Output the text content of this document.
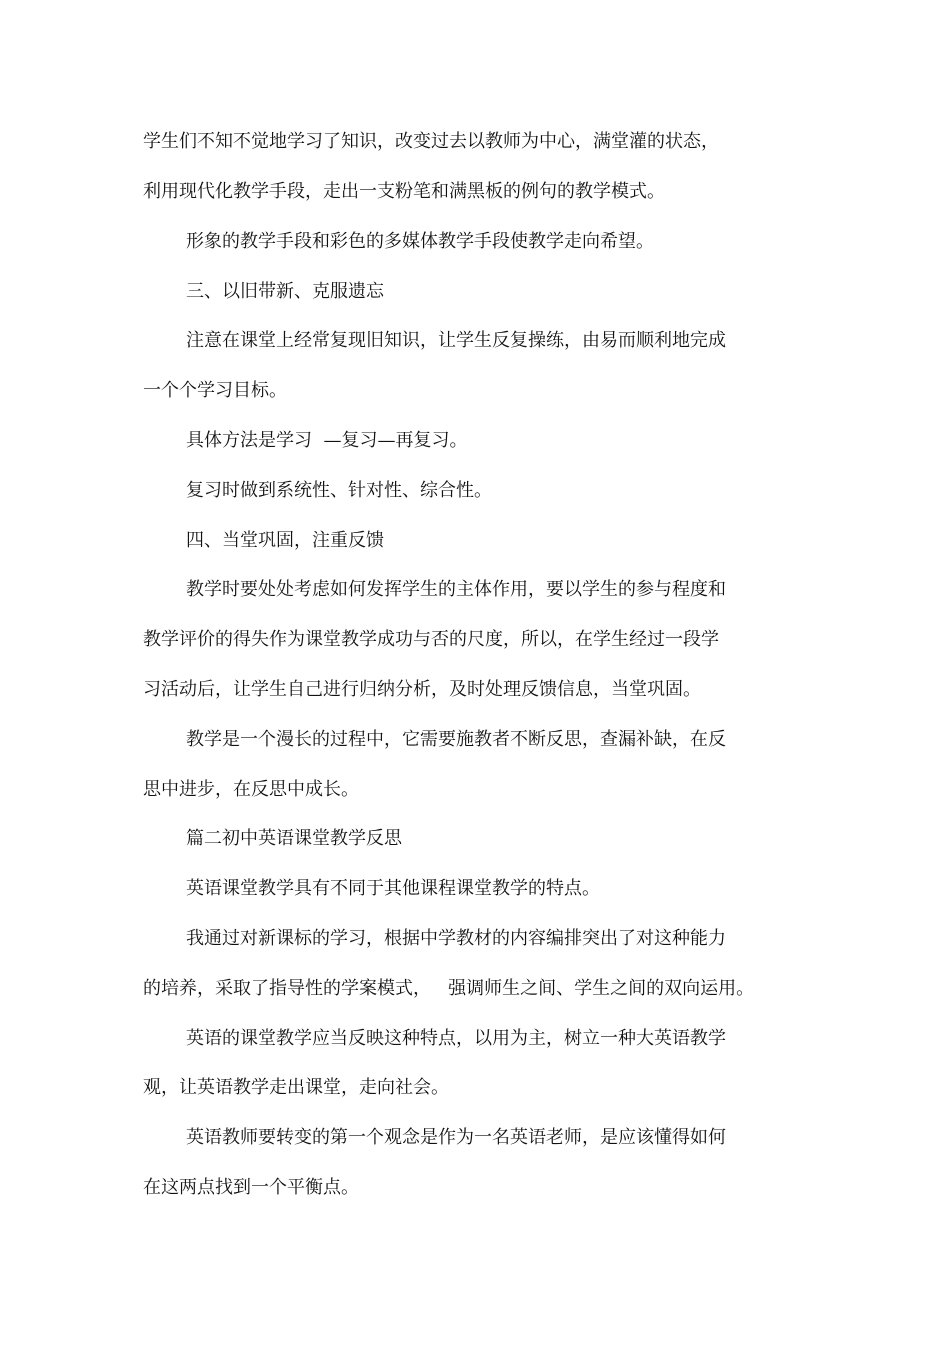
学生们不知不觉地学习了知识，改变过去以教师为中心，满堂灌的状态，
利用现代化教学手段，走出一支粉笔和满黑板的例句的教学模式。
形象的教学手段和彩色的多媒体教学手段使教学走向希望。
三、以旧带新、克服遗忘
注意在课堂上经常复现旧知识，让学生反复操练，由易而顺利地完成
一个个学习目标。
具体方法是学习  —复习—再复习。
复习时做到系统性、针对性、综合性。
四、当堂巩固，注重反馈
教学时要处处考虑如何发挥学生的主体作用，要以学生的参与程度和
教学评价的得失作为课堂教学成功与否的尺度，所以，在学生经过一段学
习活动后，让学生自己进行归纳分析，及时处理反馈信息，当堂巩固。
教学是一个漫长的过程中，它需要施教者不断反思，查漏补缺，在反
思中进步，在反思中成长。
篇二初中英语课堂教学反思
英语课堂教学具有不同于其他课程课堂教学的特点。
我通过对新课标的学习，根据中学教材的内容编排突出了对这种能力
的培养，采取了指导性的学案模式，   强调师生之间、学生之间的双向运用。
英语的课堂教学应当反映这种特点，以用为主，树立一种大英语教学
观，让英语教学走出课堂，走向社会。
英语教师要转变的第一个观念是作为一名英语老师，是应该懂得如何
在这两点找到一个平衡点。
